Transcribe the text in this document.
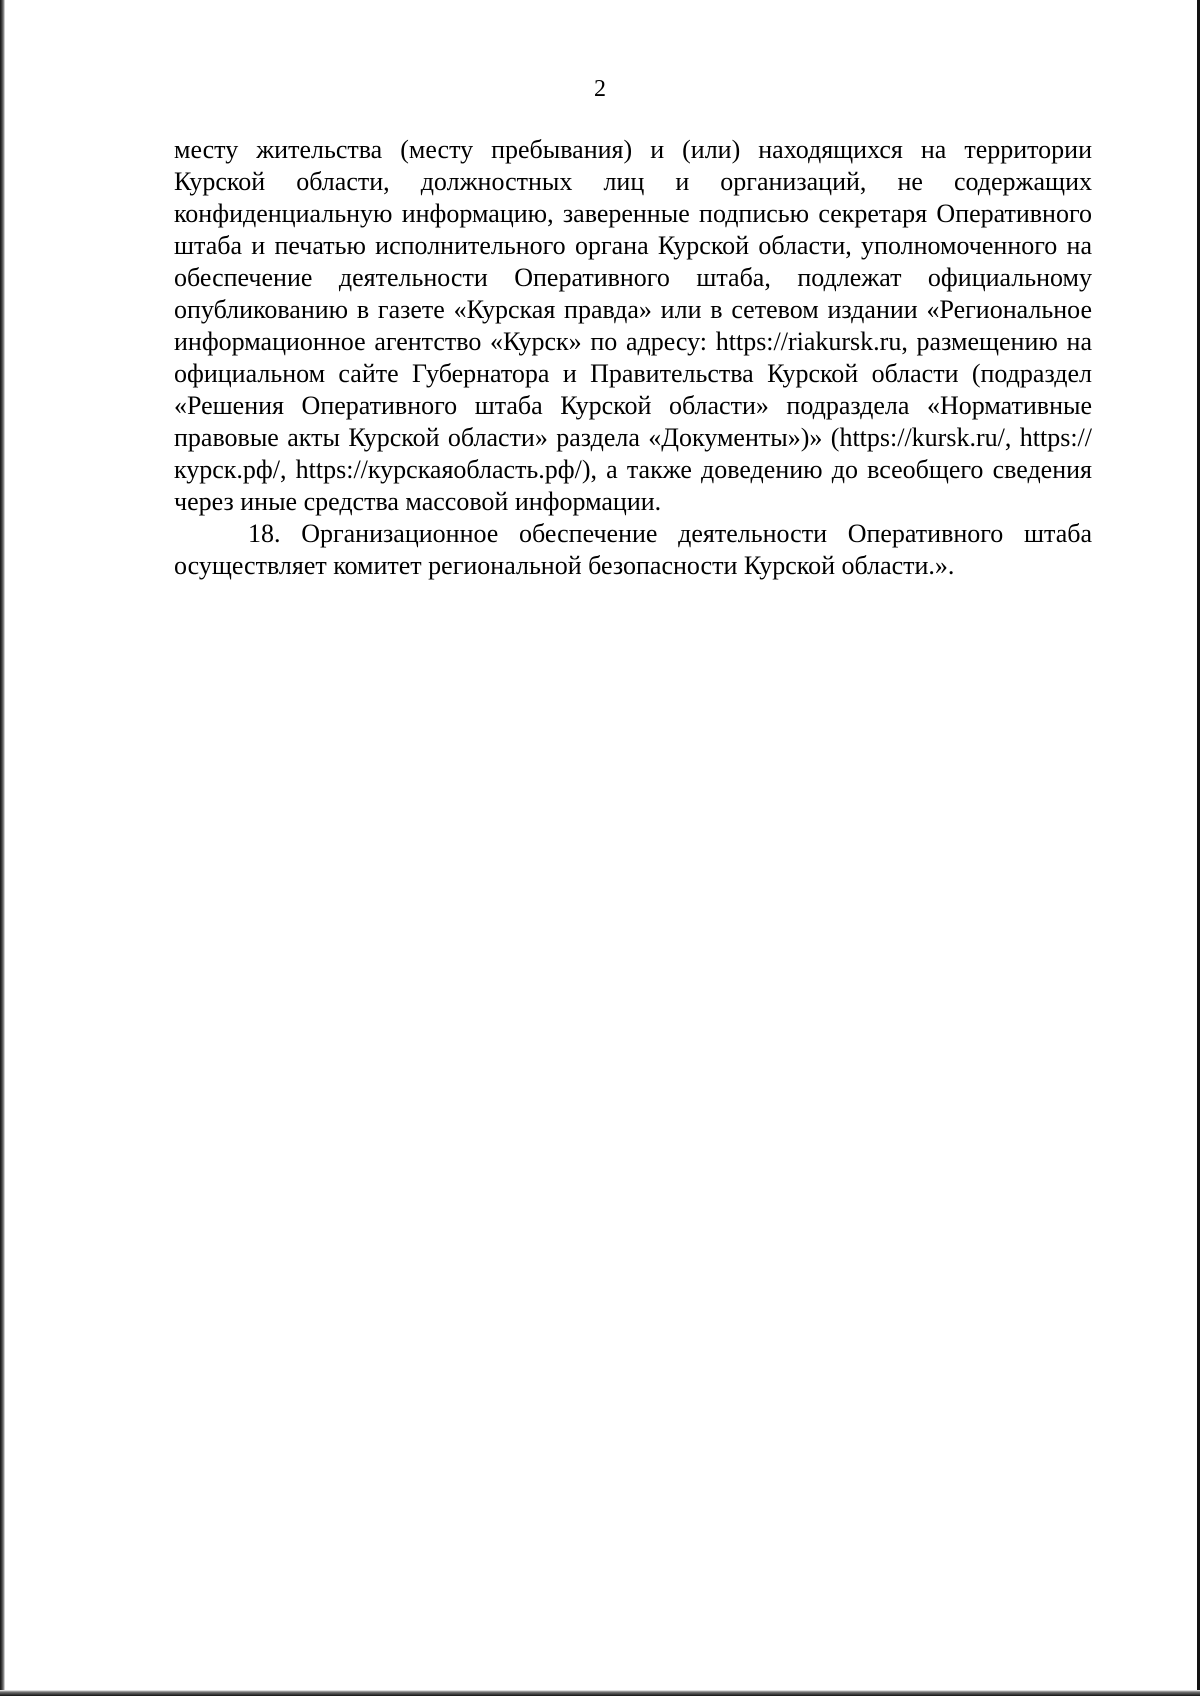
2

месту жительства (месту пребывания) и (или) находящихся на территории Курской области, должностных лиц и организаций, не содержащих конфиденциальную информацию, заверенные подписью секретаря Оперативного штаба и печатью исполнительного органа Курской области, уполномоченного на обеспечение деятельности Оперативного штаба, подлежат официальному опубликованию в газете «Курская правда» или в сетевом издании «Региональное информационное агентство «Курск» по адресу: https://riakursk.ru, размещению на официальном сайте Губернатора и Правительства Курской области (подраздел «Решения Оперативного штаба Курской области» подраздела «Нормативные правовые акты Курской области» раздела «Документы»)» (https://kursk.ru/, https://курск.рф/, https://курскаяобласть.рф/), а также доведению до всеобщего сведения через иные средства массовой информации.

18. Организационное обеспечение деятельности Оперативного штаба осуществляет комитет региональной безопасности Курской области.».
